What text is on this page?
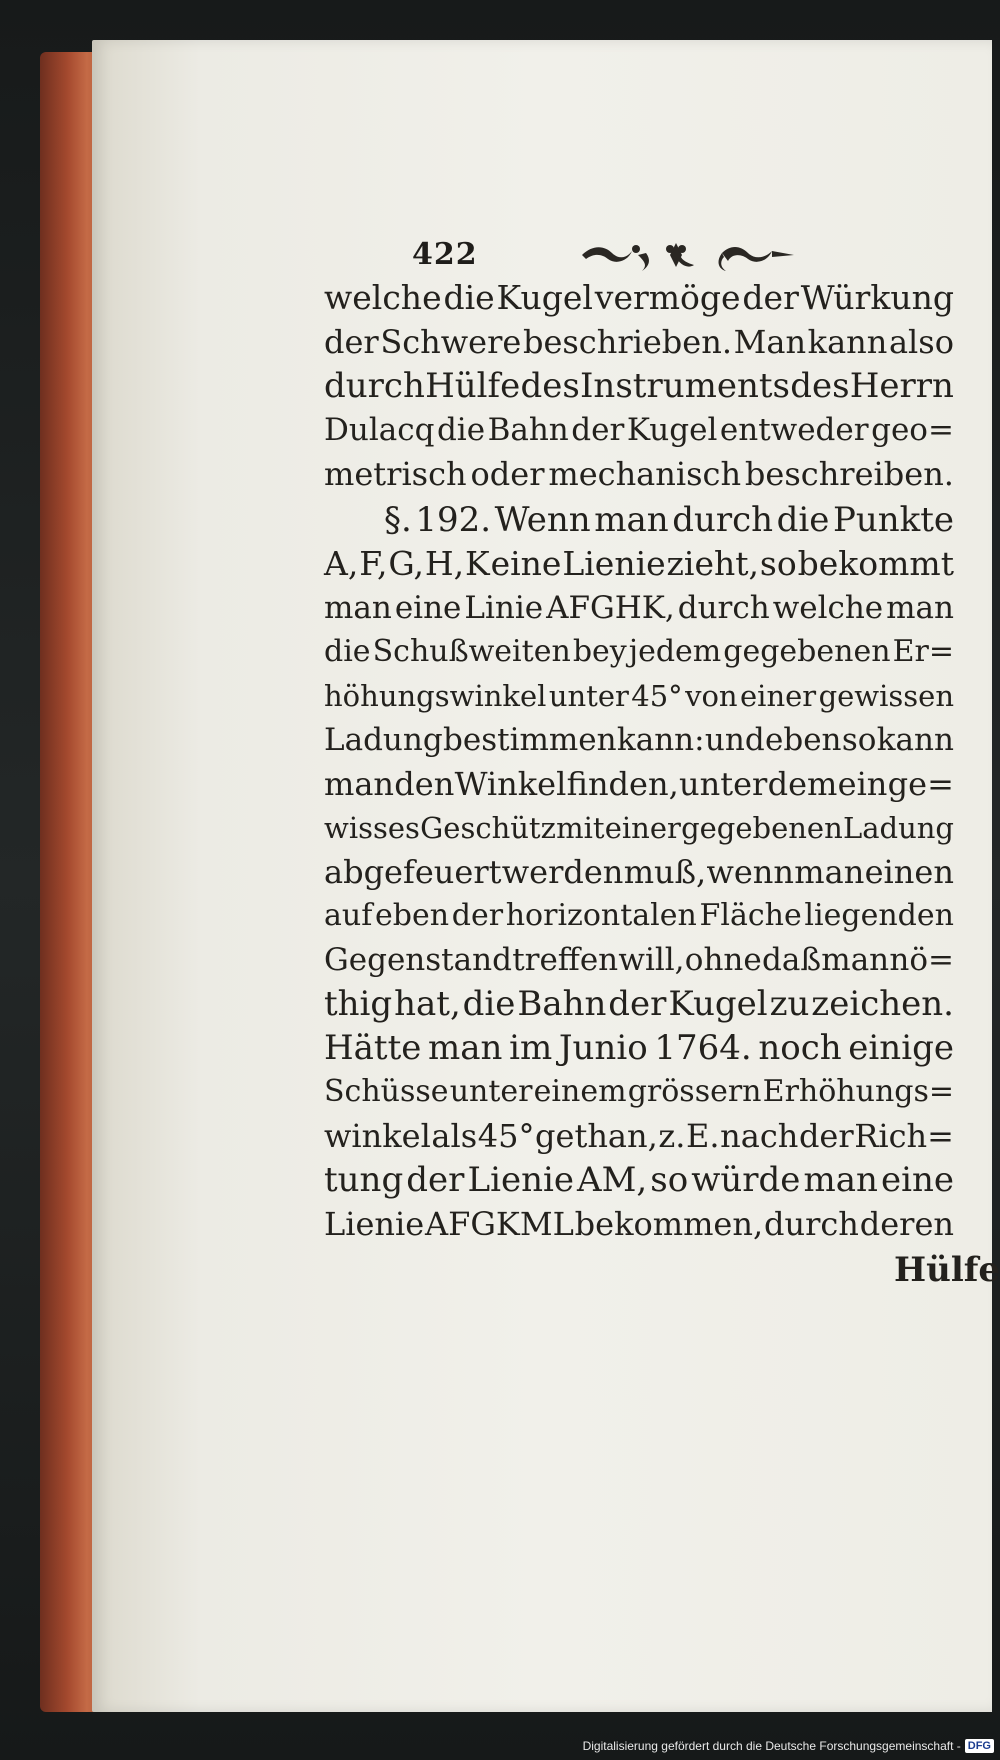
422
welche die Kugel vermöge der Würkung
der Schwere beschrieben. Man kann also
durch Hülfe des Instruments des Herrn
Dulacq die Bahn der Kugel entweder geo=
metrisch oder mechanisch beschreiben.
§. 192. Wenn man durch die Punkte
A, F, G, H, K eine Lienie zieht, so bekommt
man eine Linie AFGHK, durch welche man
die Schußweiten bey jedem gegebenen Er=
höhungswinkel unter 45° von einer gewissen
Ladung bestimmen kann: und eben so kann
man den Winkel finden, unter dem ein ge=
wisses Geschütz mit einer gegebenen Ladung
abgefeuert werden muß, wenn man einen
auf eben der horizontalen Fläche liegenden
Gegenstand treffen will, ohne daß man nö=
thig hat, die Bahn der Kugel zu zeichen.
Hätte man im Junio 1764. noch einige
Schüsse unter einem grössern Erhöhungs=
winkel als 45° gethan, z. E. nach der Rich=
tung der Lienie AM, so würde man eine
Lienie AFGKML bekommen, durch deren
Hülfe
Digitalisierung gefördert durch die Deutsche Forschungsgemeinschaft - DFG
